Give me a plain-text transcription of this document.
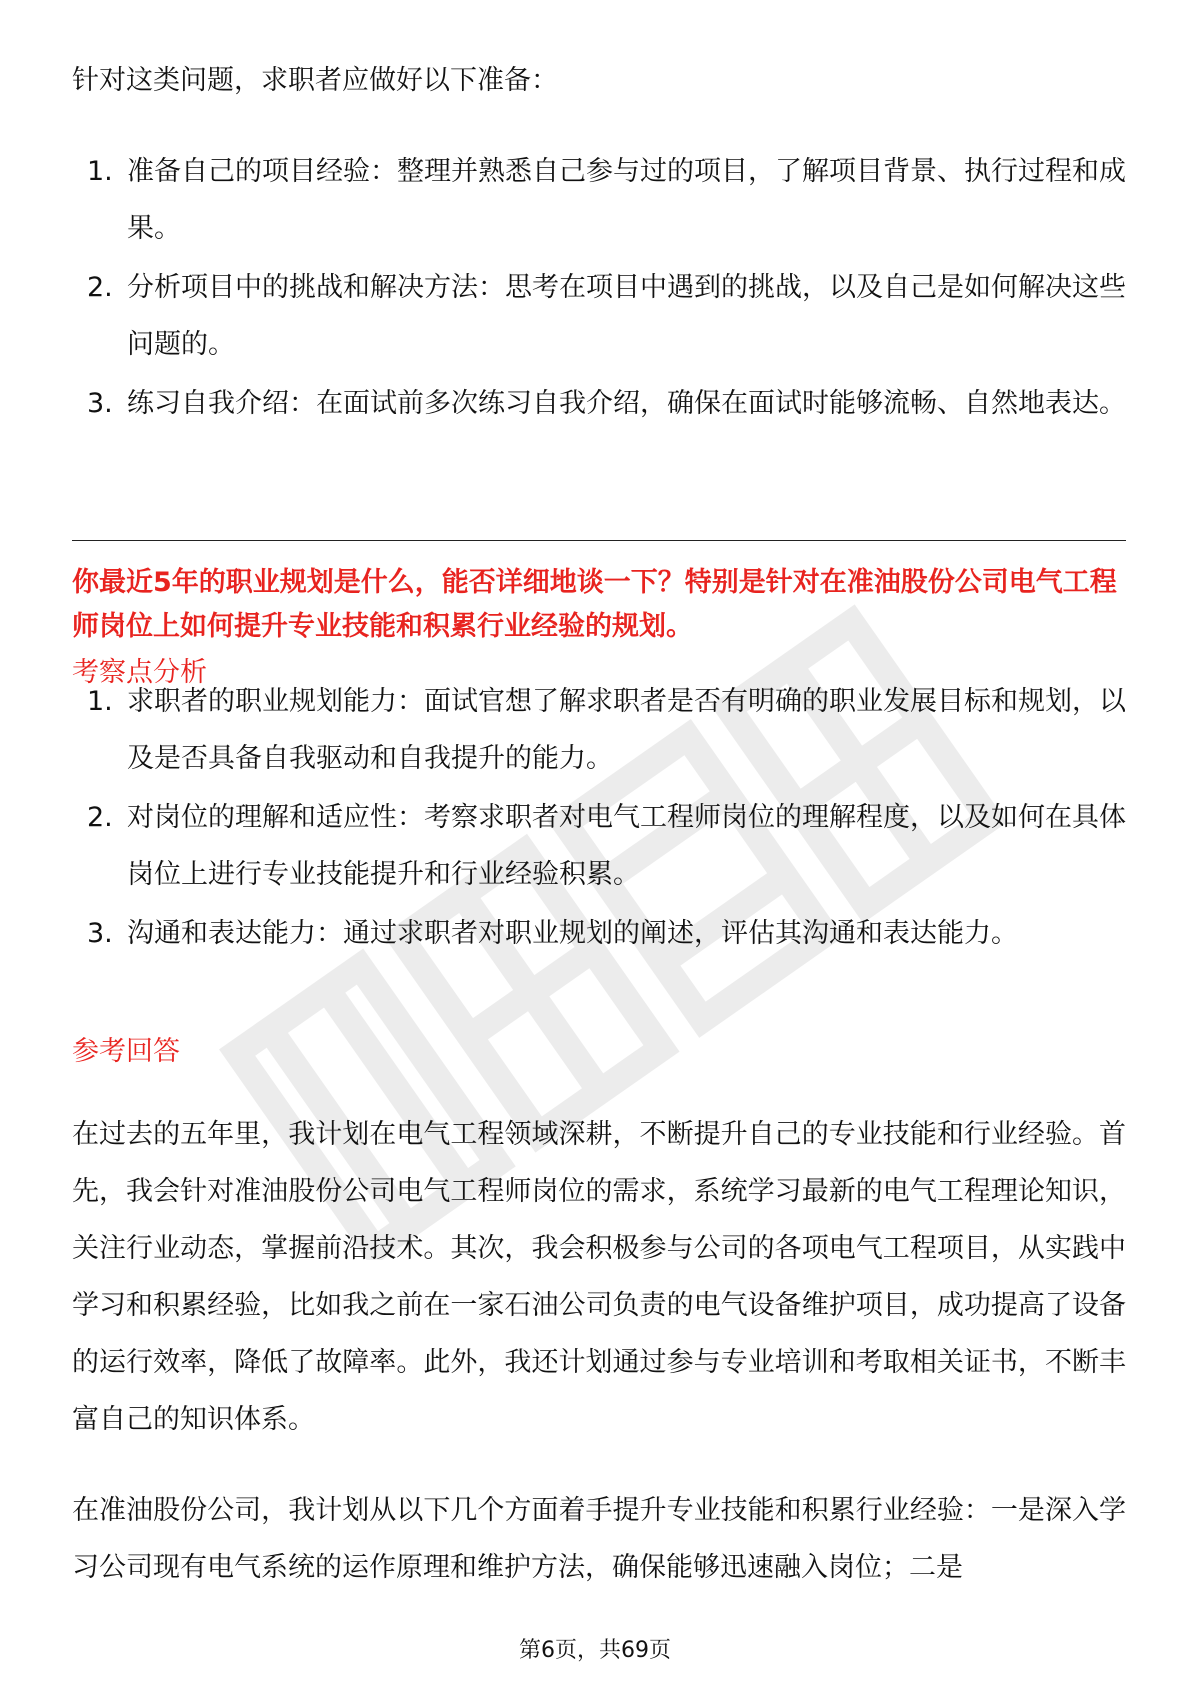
针对这类问题，求职者应做好以下准备：

1. 准备自己的项目经验：整理并熟悉自己参与过的项目，了解项目背景、执行过程和成果。
2. 分析项目中的挑战和解决方法：思考在项目中遇到的挑战，以及自己是如何解决这些问题的。
3. 练习自我介绍：在面试前多次练习自我介绍，确保在面试时能够流畅、自然地表达。

你最近5年的职业规划是什么，能否详细地谈一下？特别是针对在准油股份公司电气工程师岗位上如何提升专业技能和积累行业经验的规划。

考察点分析
1. 求职者的职业规划能力：面试官想了解求职者是否有明确的职业发展目标和规划，以及是否具备自我驱动和自我提升的能力。
2. 对岗位的理解和适应性：考察求职者对电气工程师岗位的理解程度，以及如何在具体岗位上进行专业技能提升和行业经验积累。
3. 沟通和表达能力：通过求职者对职业规划的阐述，评估其沟通和表达能力。
参考回答

在过去的五年里，我计划在电气工程领域深耕，不断提升自己的专业技能和行业经验。首先，我会针对准油股份公司电气工程师岗位的需求，系统学习最新的电气工程理论知识，关注行业动态，掌握前沿技术。其次，我会积极参与公司的各项电气工程项目，从实践中学习和积累经验，比如我之前在一家石油公司负责的电气设备维护项目，成功提高了设备的运行效率，降低了故障率。此外，我还计划通过参与专业培训和考取相关证书，不断丰富自己的知识体系。

在准油股份公司，我计划从以下几个方面着手提升专业技能和积累行业经验：一是深入学习公司现有电气系统的运作原理和维护方法，确保能够迅速融入岗位；二是

第6页，共69页
